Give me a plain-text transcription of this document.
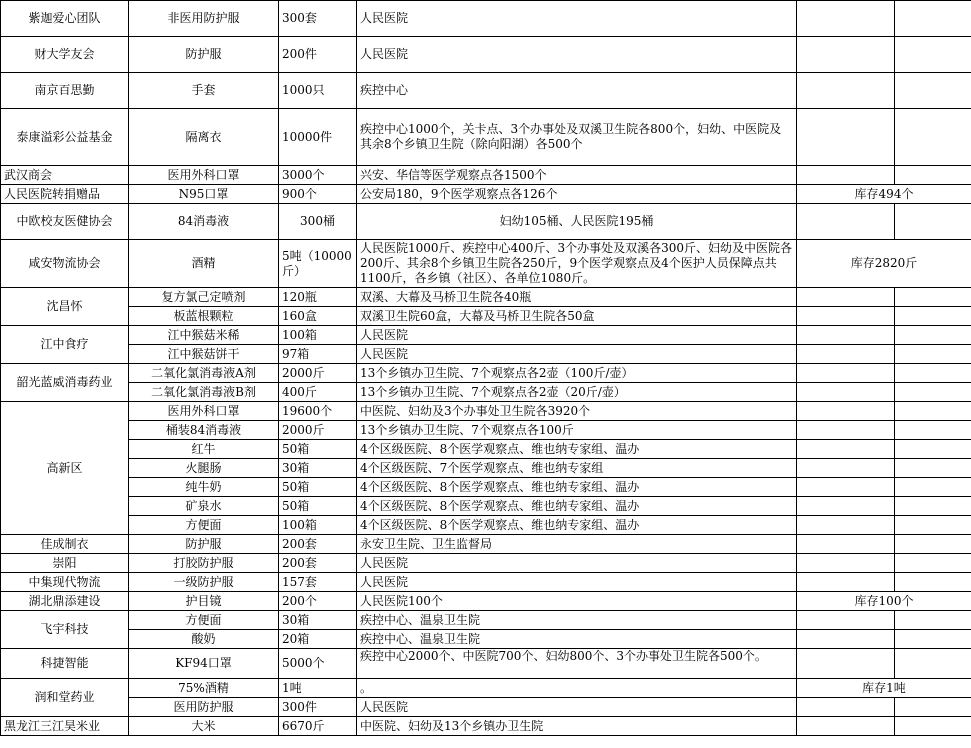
紫迦爱心团队	非医用防护服	300套	人民医院		
财大学友会	防护服	200件	人民医院		
南京百思勤	手套	1000只	疾控中心		
泰康溢彩公益基金	隔离衣	10000件	疾控中心1000个，关卡点、3个办事处及双溪卫生院各800个，妇幼、中医院及其余8个乡镇卫生院（除向阳湖）各500个		
武汉商会	医用外科口罩	3000个	兴安、华信等医学观察点各1500个		
人民医院转捐赠品	N95口罩	900个	公安局180，9个医学观察点各126个	库存494个	
中欧校友医健协会	84消毒液	300桶	妇幼105桶、人民医院195桶		
咸安物流协会	酒精	5吨（10000斤）	人民医院1000斤、疾控中心400斤、3个办事处及双溪各300斤、妇幼及中医院各200斤、其余8个乡镇卫生院各250斤，9个医学观察点及4个医护人员保障点共1100斤，各乡镇（社区）、各单位1080斤。	库存2820斤	
沈昌怀	复方氯己定喷剂	120瓶	双溪、大幕及马桥卫生院各40瓶		
	板蓝根颗粒	160盒	双溪卫生院60盒，大幕及马桥卫生院各50盒		
江中食疗	江中猴菇米稀	100箱	人民医院		
	江中猴菇饼干	97箱	人民医院		
韶光蓝威消毒药业	二氧化氯消毒液A剂	2000斤	13个乡镇办卫生院、7个观察点各2壶（100斤/壶）		
	二氧化氯消毒液B剂	400斤	13个乡镇办卫生院、7个观察点各2壶（20斤/壶）		
高新区	医用外科口罩	19600个	中医院、妇幼及3个办事处卫生院各3920个		
	桶装84消毒液	2000斤	13个乡镇办卫生院、7个观察点各100斤		
	红牛	50箱	4个区级医院、8个医学观察点、维也纳专家组、温办		
	火腿肠	30箱	4个区级医院、7个医学观察点、维也纳专家组		
	纯牛奶	50箱	4个区级医院、8个医学观察点、维也纳专家组、温办		
	矿泉水	50箱	4个区级医院、8个医学观察点、维也纳专家组、温办		
	方便面	100箱	4个区级医院、8个医学观察点、维也纳专家组、温办		
佳成制衣	防护服	200套	永安卫生院、卫生监督局		
崇阳	打胶防护服	200套	人民医院		
中集现代物流	一级防护服	157套	人民医院		
湖北鼎添建设	护目镜	200个	人民医院100个	库存100个	
飞宇科技	方便面	30箱	疾控中心、温泉卫生院		
	酸奶	20箱	疾控中心、温泉卫生院		
科捷智能	KF94口罩	5000个	疾控中心2000个、中医院700个、妇幼800个、3个办事处卫生院各500个。		
润和堂药业	75%酒精	1吨	。	库存1吨	
	医用防护服	300件	人民医院		
黑龙江三江昊米业	大米	6670斤	中医院、妇幼及13个乡镇办卫生院		
